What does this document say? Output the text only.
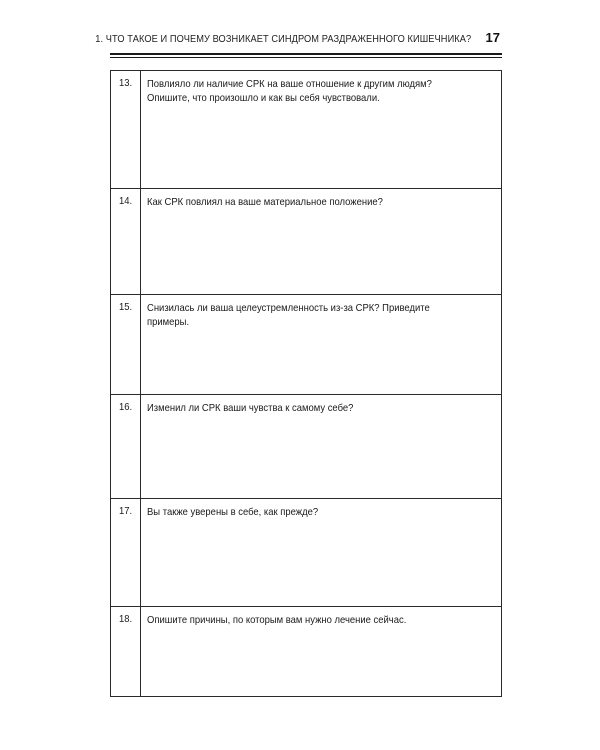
1. ЧТО ТАКОЕ И ПОЧЕМУ ВОЗНИКАЕТ СИНДРОМ РАЗДРАЖЕННОГО КИШЕЧНИКА? 17
13. Повлияло ли наличие СРК на ваше отношение к другим людям?
Опишите, что произошло и как вы себя чувствовали.
14. Как СРК повлиял на ваше материальное положение?
15. Снизилась ли ваша целеустремленность из-за СРК? Приведите примеры.
16. Изменил ли СРК ваши чувства к самому себе?
17. Вы также уверены в себе, как прежде?
18. Опишите причины, по которым вам нужно лечение сейчас.
